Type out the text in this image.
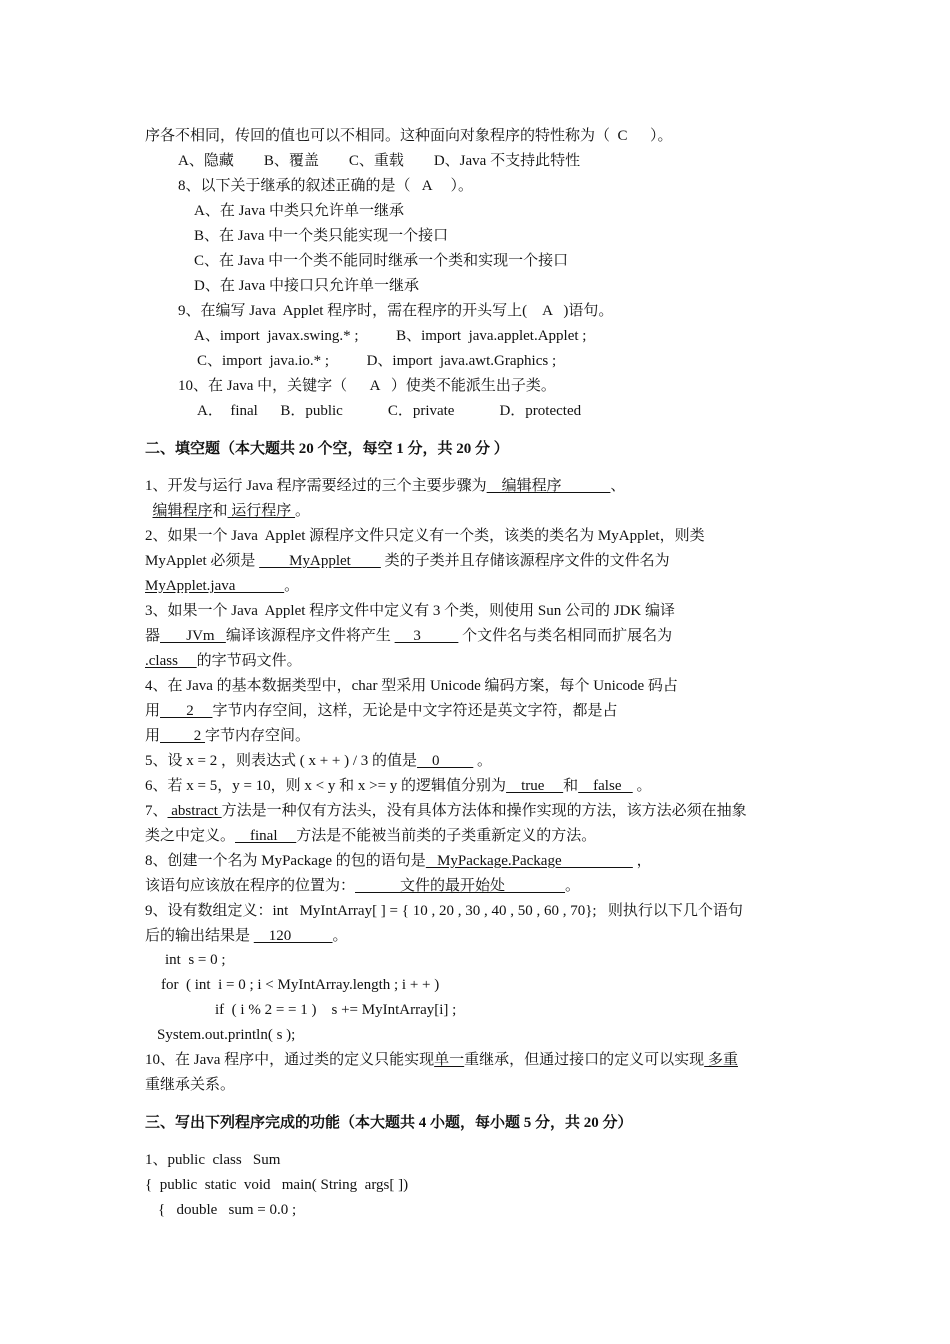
序各不相同，传回的值也可以不相同。这种面向对象程序的特性称为（  C      ）。
A、隐藏        B、覆盖        C、重载        D、Java 不支持此特性
8、以下关于继承的叙述正确的是（   A     ）。
A、在 Java 中类只允许单一继承
B、在 Java 中一个类只能实现一个接口
C、在 Java 中一个类不能同时继承一个类和实现一个接口
D、在 Java 中接口只允许单一继承
9、在编写 Java  Applet 程序时，需在程序的开头写上(    A   )语句。
A、import  javax.swing.* ;          B、import  java.applet.Applet ;
C、import  java.io.* ;          D、import  java.awt.Graphics ;
10、在 Java 中，关键字（      A   ）使类不能派生出子类。
A．  final      B．public            C．private            D．protected
二、填空题（本大题共 20 个空，每空 1 分，共 20 分 ）
1、开发与运行 Java 程序需要经过的三个主要步骤为    编辑程序             、
编辑程序和 运行程序 。
2、如果一个 Java  Applet 源程序文件只定义有一个类，该类的类名为 MyApplet，则类
MyApplet 必须是         MyApplet         类的子类并且存储该源程序文件的文件名为
MyApplet.java             。
3、如果一个 Java  Applet 程序文件中定义有 3 个类，则使用 Sun 公司的 JDK 编译
器       JVm   编译该源程序文件将产生      3           个文件名与类名相同而扩展名为
.class     的字节码文件。
4、在 Java 的基本数据类型中，char 型采用 Unicode 编码方案，每个 Unicode 码占
用       2     字节内存空间，这样，无论是中文字符还是英文字符，都是占
用         2 字节内存空间。
5、设 x = 2 ，则表达式 ( x + + ) / 3 的值是    0          。
6、若 x = 5，y = 10，则 x < y 和 x >= y 的逻辑值分别为    true     和    false    。
7、 abstract 方法是一种仅有方法头，没有具体方法体和操作实现的方法，该方法必须在抽象
类之中定义。    final     方法是不能被当前类的子类重新定义的方法。
8、创建一个名为 MyPackage 的包的语句是   MyPackage.Package                    ，
该语句应该放在程序的位置为：            文件的最开始处                。
9、设有数组定义：int   MyIntArray[ ] = { 10 , 20 , 30 , 40 , 50 , 60 , 70};   则执行以下几个语句
后的输出结果是     120           。
int  s = 0 ;
for  ( int  i = 0 ; i < MyIntArray.length ; i + + )
if  ( i % 2 = = 1 )    s += MyIntArray[i] ;
System.out.println( s );
10、在 Java 程序中，通过类的定义只能实现单一重继承，但通过接口的定义可以实现 多重
重继承关系。
三、写出下列程序完成的功能（本大题共 4 小题，每小题 5 分，共 20 分）
1、public  class   Sum
{  public  static  void   main( String  args[ ])
{   double   sum = 0.0 ;
